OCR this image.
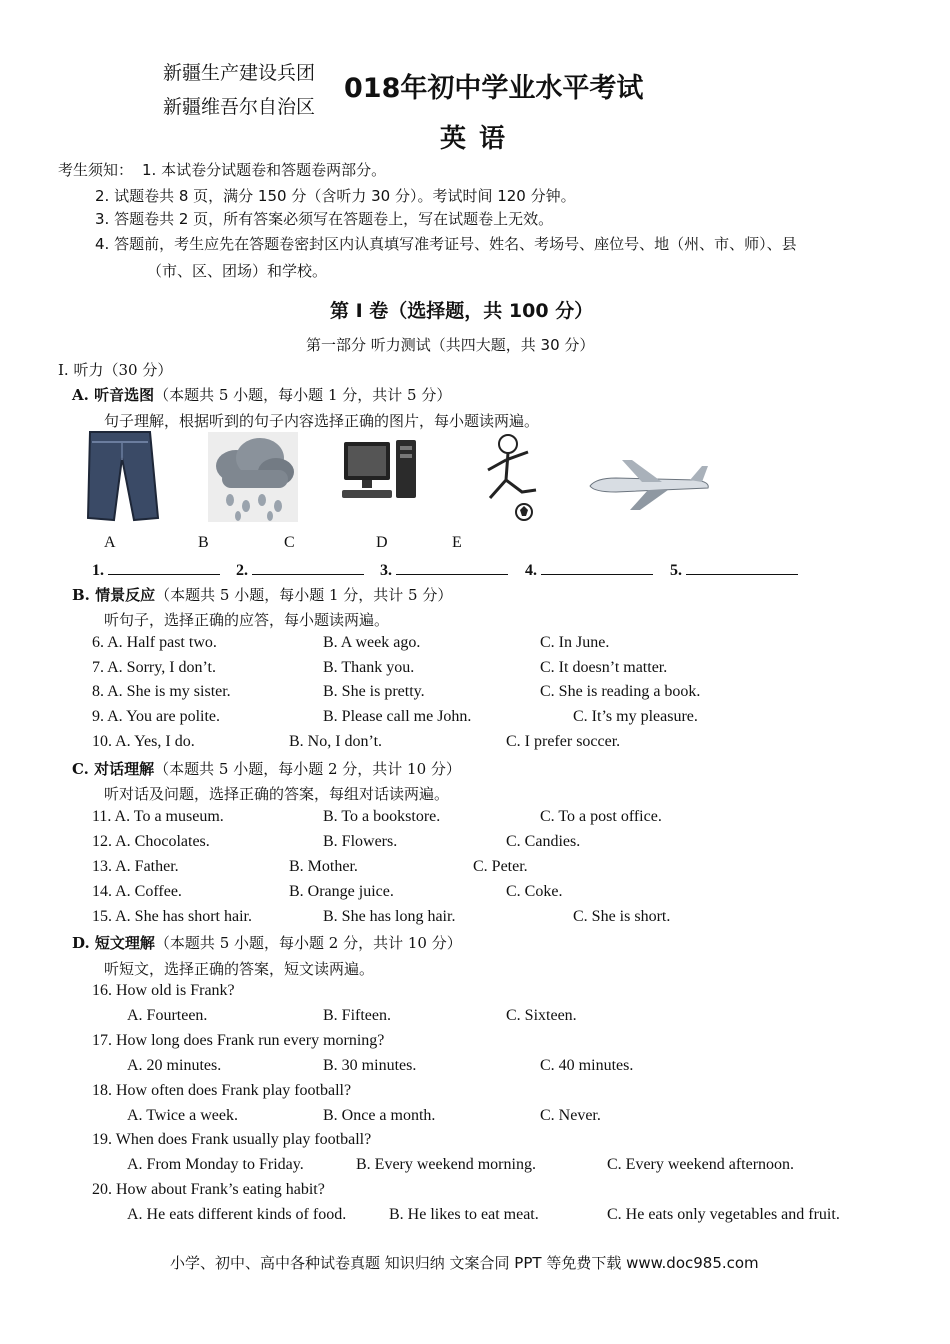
新疆生产建设兵团
新疆维吾尔自治区
018年初中学业水平考试
英 语
考生须知： 1. 本试卷分试题卷和答题卷两部分。
2. 试题卷共 8 页，满分 150 分（含听力 30 分）。考试时间 120 分钟。
3. 答题卷共 2 页，所有答案必须写在答题卷上，写在试题卷上无效。
4. 答题前，考生应先在答题卷密封区内认真填写准考证号、姓名、考场号、座位号、地（州、市、师）、县
（市、区、团场）和学校。
第 I 卷（选择题，共 100 分）
第一部分 听力测试（共四大题，共 30 分）
I. 听力（30 分）
A. 听音选图（本题共 5 小题，每小题 1 分，共计 5 分）
句子理解，根据听到的句子内容选择正确的图片，每小题读两遍。
A	B	C	D	E
1.	2.	3.	4.	5.
B. 情景反应（本题共 5 小题，每小题 1 分，共计 5 分）
听句子，选择正确的应答，每小题读两遍。
6. A. Half past two.	B. A week ago.	C. In June.
7. A. Sorry, I don’t.	B. Thank you.	C. It doesn’t matter.
8. A. She is my sister.	B. She is pretty.	C. She is reading a book.
9. A. You are polite.	B. Please call me John.	C. It’s my pleasure.
10. A. Yes, I do.	B. No, I don’t.	C. I prefer soccer.
C. 对话理解（本题共 5 小题，每小题 2 分，共计 10 分）
听对话及问题，选择正确的答案，每组对话读两遍。
11. A. To a museum.	B. To a bookstore.	C. To a post office.
12. A. Chocolates.	B. Flowers.	C. Candies.
13. A. Father.	B. Mother.	C. Peter.
14. A. Coffee.	B. Orange juice.	C. Coke.
15. A. She has short hair.	B. She has long hair.	C. She is short.
D. 短文理解（本题共 5 小题，每小题 2 分，共计 10 分）
听短文，选择正确的答案，短文读两遍。
16. How old is Frank?
A. Fourteen.	B. Fifteen.	C. Sixteen.
17. How long does Frank run every morning?
A. 20 minutes.	B. 30 minutes.	C. 40 minutes.
18. How often does Frank play football?
A. Twice a week.	B. Once a month.	C. Never.
19. When does Frank usually play football?
A. From Monday to Friday.	B. Every weekend morning.	C. Every weekend afternoon.
20. How about Frank’s eating habit?
A. He eats different kinds of food.	B. He likes to eat meat.	C. He eats only vegetables and fruit.
小学、初中、高中各种试卷真题 知识归纳 文案合同 PPT 等免费下载 www.doc985.com
